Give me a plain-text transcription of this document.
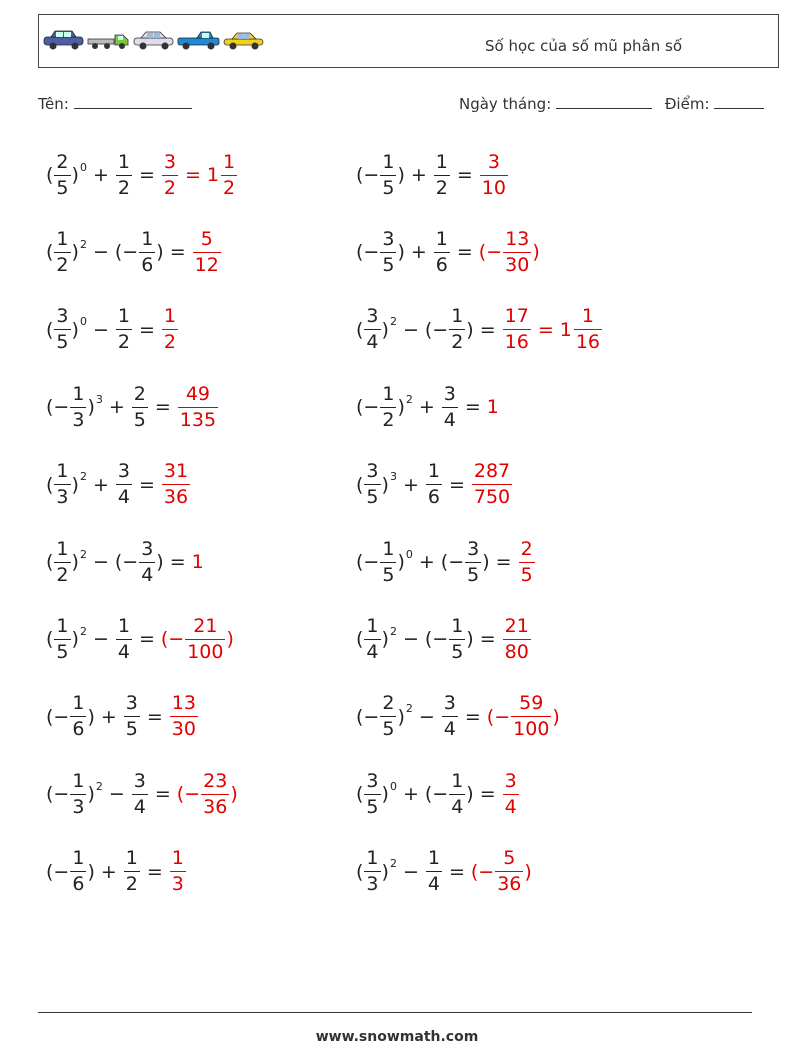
Số học của số mũ phân số
Tên:	Ngày tháng:	Điểm:
( $\frac{2}{5}$ ) $0 + \frac{1}{2} = \frac{3}{2} = 1 \frac{1}{2}$
( $\frac{1}{2}$ ) 2 − ( − $\frac{1}{6}$ ) = $\frac{5}{12}$
( $\frac{3}{5}$ ) $0 - \frac{1}{2} = \frac{1}{2}$
( − $\frac{1}{3}$ ) $3 + \frac{2}{5} = \frac{49}{135}$
( $\frac{1}{3}$ ) $2 + \frac{3}{4} = \frac{31}{36}$
( $\frac{1}{2}$ ) 2 − ( − $\frac{3}{4}$ ) = 1
( $\frac{1}{5}$ ) $2 - \frac{1}{4}$ = ( − $\frac{21}{100}$ )
( − $\frac{1}{6}$ ) + $\frac{3}{5} = \frac{13}{30}$
( − $\frac{1}{3}$ ) $2 - \frac{3}{4}$ = ( − $\frac{23}{36}$ )
( − $\frac{1}{6}$ ) + $\frac{1}{2} = \frac{1}{3}$
( − $\frac{1}{5}$ ) + $\frac{1}{2} = \frac{3}{10}$
( − $\frac{3}{5}$ ) + $\frac{1}{6}$ = ( − $\frac{13}{30}$ )
( $\frac{3}{4}$ ) 2 − ( − $\frac{1}{2}$ ) = $\frac{17}{16} = 1 \frac{1}{16}$
( − $\frac{1}{2}$ ) $2 + \frac{3}{4} = 1$
( $\frac{3}{5}$ ) $3 + \frac{1}{6} = \frac{287}{750}$
( − $\frac{1}{5}$ ) 0 + ( − $\frac{3}{5}$ ) = $\frac{2}{5}$
( $\frac{1}{4}$ ) 2 − ( − $\frac{1}{5}$ ) = $\frac{21}{80}$
( − $\frac{2}{5}$ ) $2 - \frac{3}{4}$ = ( − $\frac{59}{100}$ )
( $\frac{3}{5}$ ) 0 + ( − $\frac{1}{4}$ ) = $\frac{3}{4}$
( $\frac{1}{3}$ ) $2 - \frac{1}{4}$ = ( − $\frac{5}{36}$ )
www.snowmath.com
